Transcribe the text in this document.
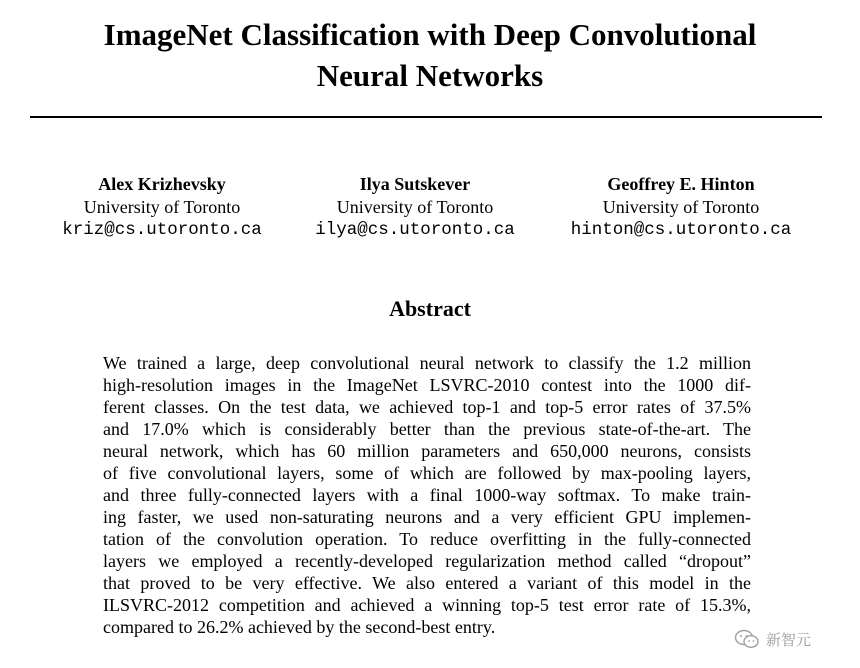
ImageNet Classification with Deep Convolutional
Neural Networks
Alex Krizhevsky
University of Toronto
kriz@cs.utoronto.ca
Ilya Sutskever
University of Toronto
ilya@cs.utoronto.ca
Geoffrey E. Hinton
University of Toronto
hinton@cs.utoronto.ca
Abstract
We trained a large, deep convolutional neural network to classify the 1.2 million
high-resolution images in the ImageNet LSVRC-2010 contest into the 1000 dif-
ferent classes. On the test data, we achieved top-1 and top-5 error rates of 37.5%
and 17.0% which is considerably better than the previous state-of-the-art. The
neural network, which has 60 million parameters and 650,000 neurons, consists
of five convolutional layers, some of which are followed by max-pooling layers,
and three fully-connected layers with a final 1000-way softmax. To make train-
ing faster, we used non-saturating neurons and a very efficient GPU implemen-
tation of the convolution operation. To reduce overfitting in the fully-connected
layers we employed a recently-developed regularization method called “dropout”
that proved to be very effective. We also entered a variant of this model in the
ILSVRC-2012 competition and achieved a winning top-5 test error rate of 15.3%,
compared to 26.2% achieved by the second-best entry.
新智元
